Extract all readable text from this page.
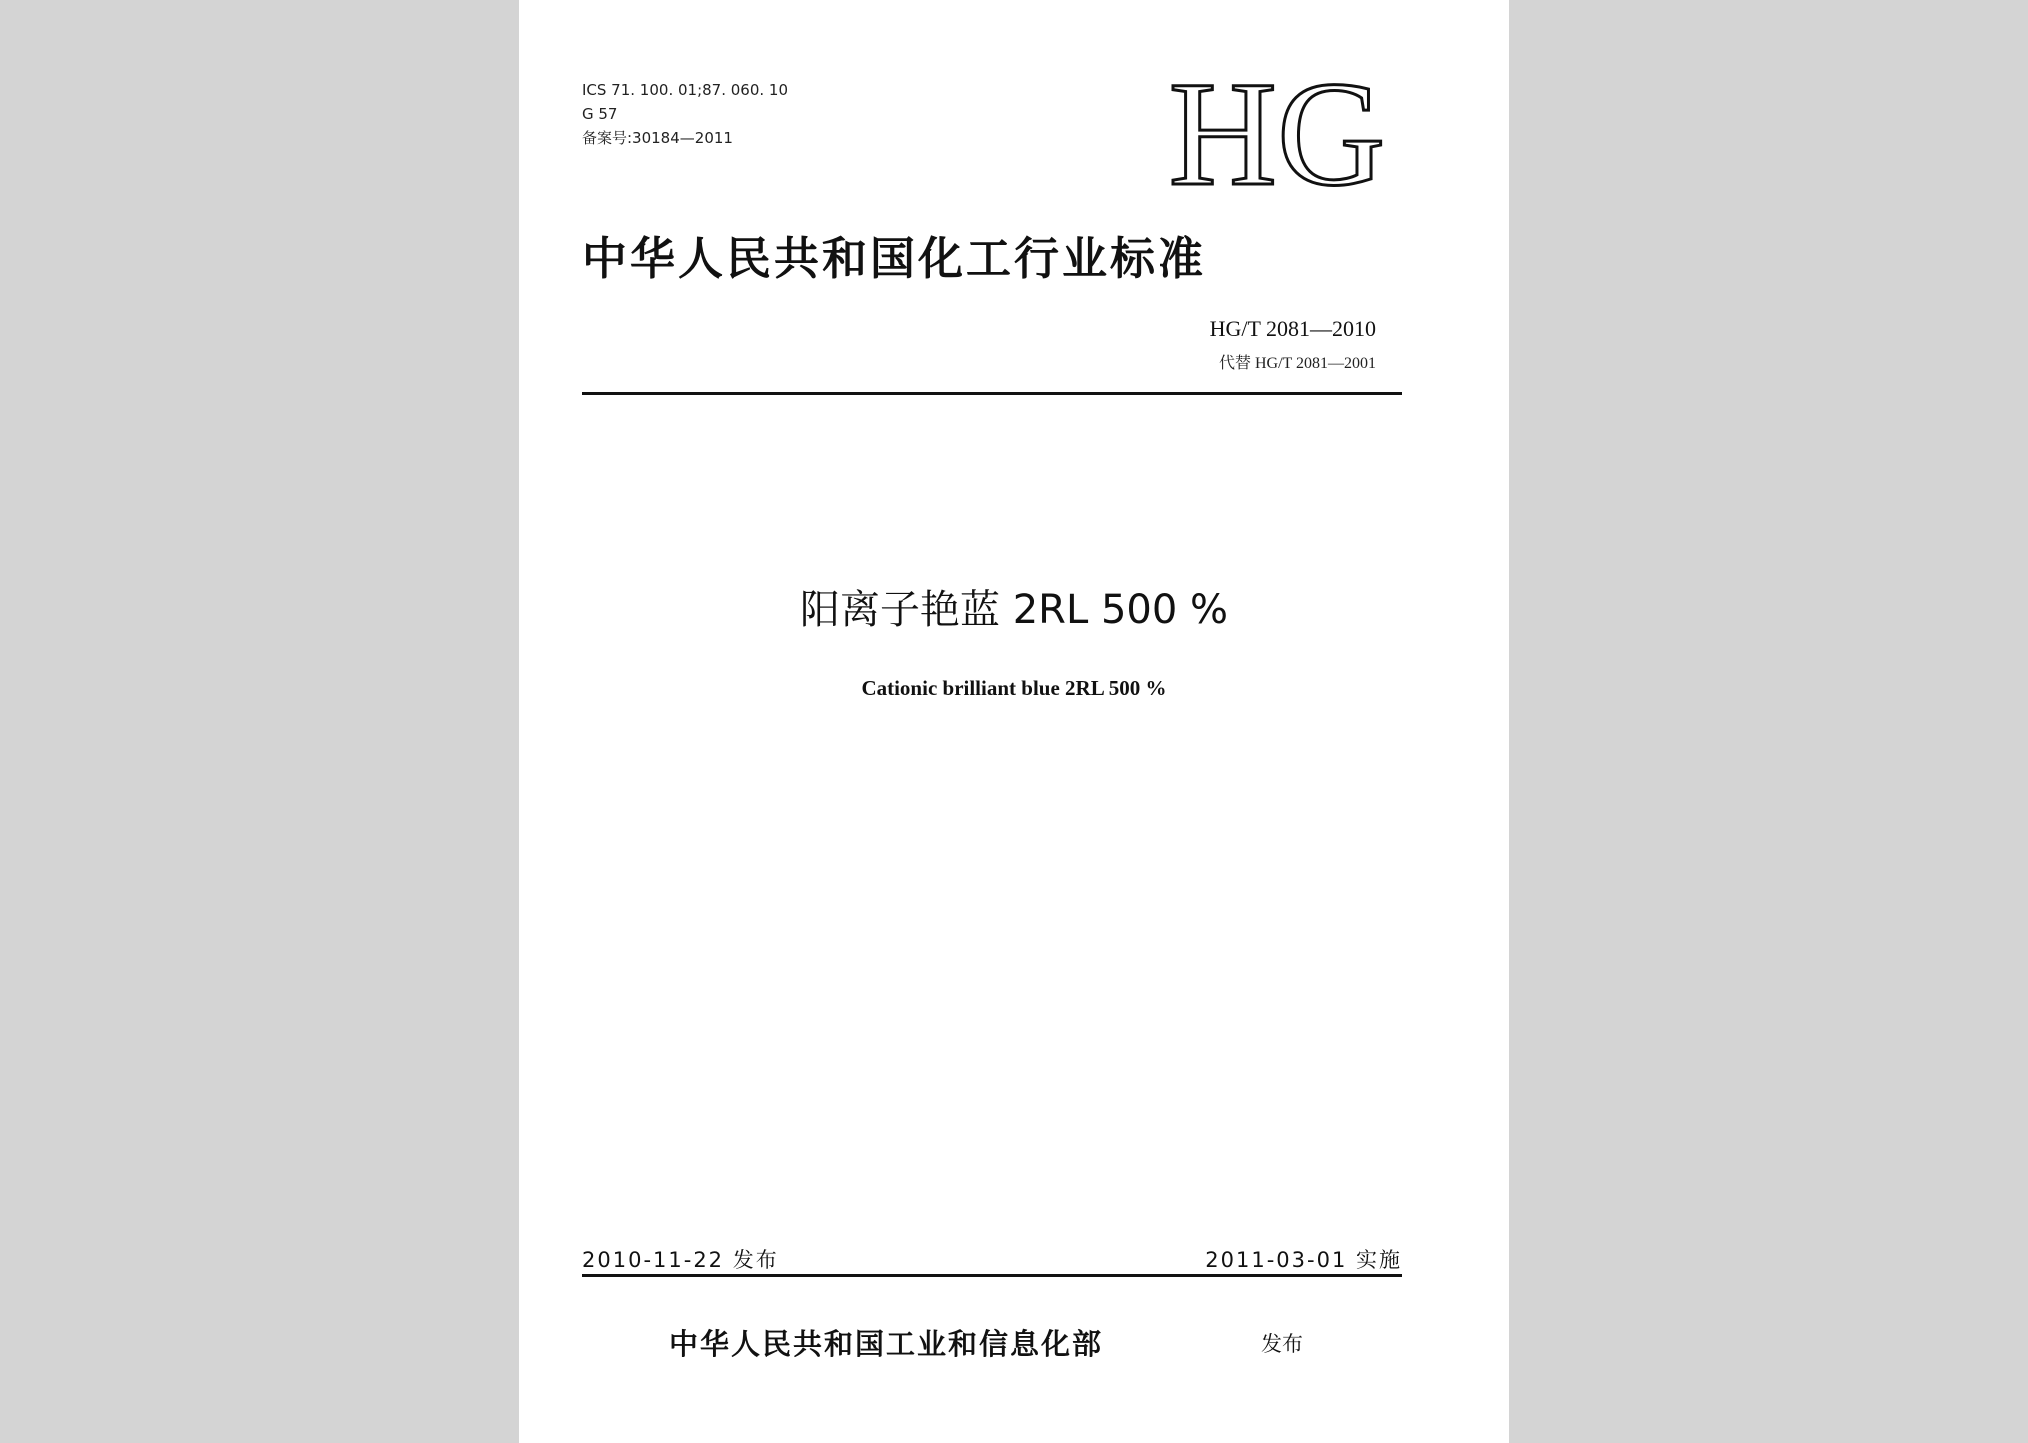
ICS 71. 100. 01;87. 060. 10
G 57
备案号:30184—2011	HG
中华人民共和国化工行业标准
HG/T 2081—2010
代替 HG/T 2081—2001
阳离子艳蓝 2RL 500 %
Cationic brilliant blue 2RL 500 %
2010-11-22 发布	2011-03-01 实施
中华人民共和国工业和信息化部	发布
